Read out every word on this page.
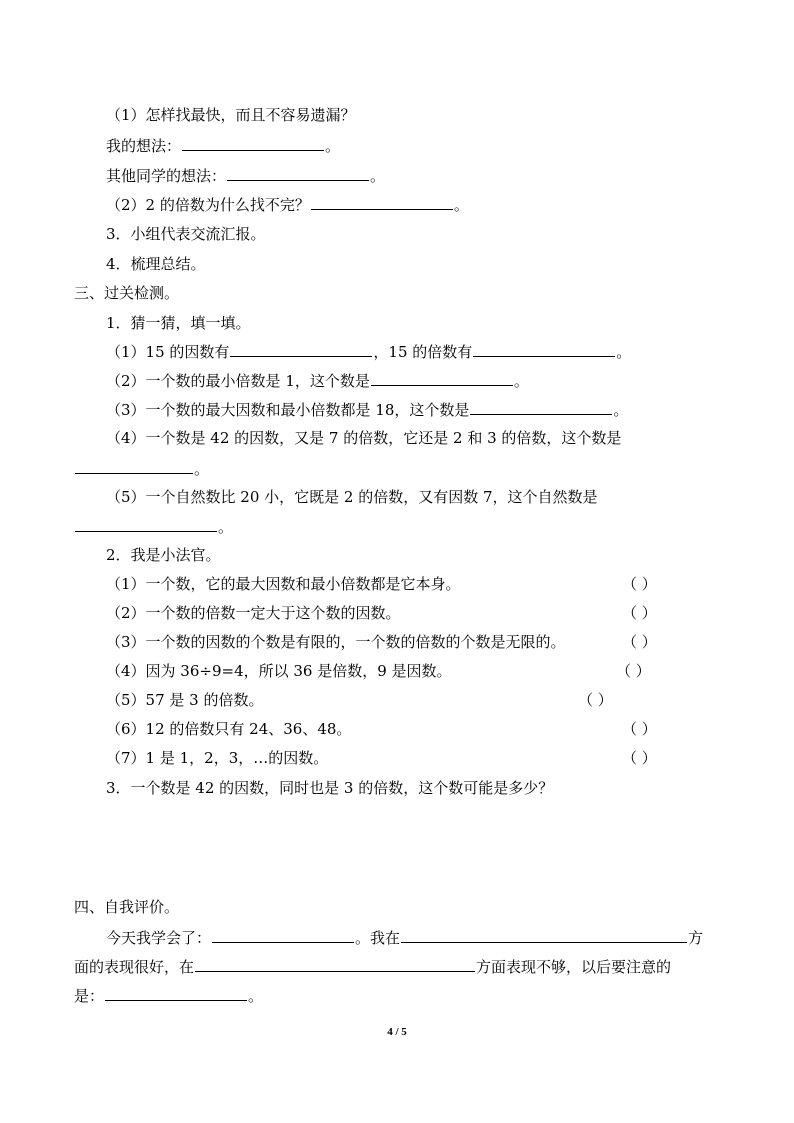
（1）怎样找最快，而且不容易遗漏？
我的想法：	。
其他同学的想法：	。
（2）2 的倍数为什么找不完？	。
3．小组代表交流汇报。
4．梳理总结。
三、过关检测。
1．猜一猜，填一填。
（1）15 的因数有	，15 的倍数有	。
（2）一个数的最小倍数是 1，这个数是	。
（3）一个数的最大因数和最小倍数都是 18，这个数是	。
（4）一个数是 42 的因数，又是 7 的倍数，它还是 2 和 3 的倍数，这个数是
。
（5）一个自然数比 20 小，它既是 2 的倍数，又有因数 7，这个自然数是
。
2．我是小法官。
（1）一个数，它的最大因数和最小倍数都是它本身。	（ ）
（2）一个数的倍数一定大于这个数的因数。	（ ）
（3）一个数的因数的个数是有限的，一个数的倍数的个数是无限的。	（ ）
（4）因为 36÷9=4，所以 36 是倍数，9 是因数。	（ ）
（5）57 是 3 的倍数。	（ ）
（6）12 的倍数只有 24、36、48。	（ ）
（7）1 是 1，2，3，…的因数。	（ ）
3．一个数是 42 的因数，同时也是 3 的倍数，这个数可能是多少？
四、自我评价。
今天我学会了：	。我在	方
面的表现很好，在	方面表现不够，以后要注意的
是：	。
4 / 5
